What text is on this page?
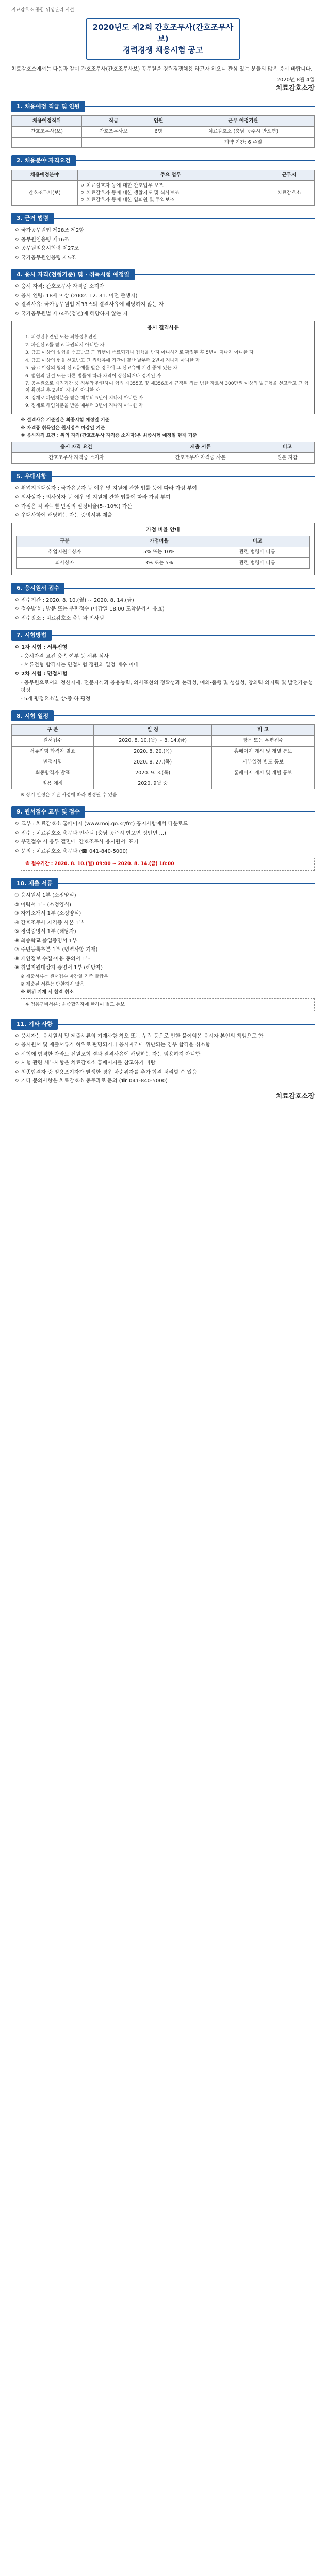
지료감호소 종합 위생관리 시설
2020년도 제2회 간호조무사(간호조무사보)
경력경쟁 채용시험 공고

치료감호소에서는 다음과 같이 간호조무사(간호조무사보) 공무원을 경력경쟁채용 하고자 하오니 관심 있는 분들의 많은 응시 바랍니다.

2020년 8월 4일
치료감호소장
1. 채용예정 직급 및 인원
채용예정직위	직급	인원	근무 예정기관
간호조무사(보)	간호조무사보	6명	치료감호소 (충남 공주시 반포면)
			계약 기간: 6 주일
2. 채용분야 자격요건
채용예정분야	주요 업무	근무지
간호조무사(보)	ㅇ 치료감호자 등에 대한 간호업무 보조
ㅇ 치료감호자 등에 대한 생활지도 및 식사보조
ㅇ 치료감호자 등에 대한 입퇴원 및 투약보조	치료감호소
3. 근거 법령

ㅇ 국가공무원법 제28조 제2항

ㅇ 공무원임용령 제16조

ㅇ 공무원임용시험령 제27조

ㅇ 국가공무원임용령 제5조

4. 응시 자격(전형기준) 및 · 취득시험 예정일

ㅇ 응시 자격: 간호조무사 자격증 소지자

ㅇ 응시 연령: 18세 이상 (2002. 12. 31. 이전 출생자)

ㅇ 결격사유: 국가공무원법 제33조의 결격사유에 해당하지 않는 자

ㅇ 국가공무원법 제74조(정년)에 해당하지 않는 자

응시 결격사유

1. 피성년후견인 또는 피한정후견인

2. 파산선고를 받고 복권되지 아니한 자

3. 금고 이상의 실형을 선고받고 그 집행이 종료되거나 집행을 받지 아니하기로 확정된 후 5년이 지나지 아니한 자

4. 금고 이상의 형을 선고받고 그 집행유예 기간이 끝난 날부터 2년이 지나지 아니한 자

5. 금고 이상의 형의 선고유예를 받은 경우에 그 선고유예 기간 중에 있는 자

6. 법원의 판결 또는 다른 법률에 따라 자격이 상실되거나 정지된 자

7. 공무원으로 재직기간 중 직무와 관련하여 형법 제355조 및 제356조에 규정된 죄를 범한 자로서 300만원 이상의 벌금형을 선고받고 그 형이 확정된 후 2년이 지나지 아니한 자

8. 징계로 파면처분을 받은 때부터 5년이 지나지 아니한 자

9. 징계로 해임처분을 받은 때부터 3년이 지나지 아니한 자

※ 결격사유 기준일은 최종시험 예정일 기준

※ 자격증 취득일은 원서접수 마감일 기준

※ 응시자격 요건 : 위의 자격(간호조무사 자격증 소지자)은 최종시험 예정일 현재 기준

응시 자격 요건	제출 서류	비고
간호조무사 자격증 소지자	간호조무사 자격증 사본	원본 지참
5. 우대사항

ㅇ 취업지원대상자 : 국가유공자 등 예우 및 지원에 관한 법률 등에 따라 가점 부여

ㅇ 의사상자 : 의사상자 등 예우 및 지원에 관한 법률에 따라 가점 부여

ㅇ 가점은 각 과목별 만점의 일정비율(5~10%) 가산

ㅇ 우대사항에 해당하는 자는 증빙서류 제출

가점 비율 안내
구분	가점비율	비고
취업지원대상자	5% 또는 10%	관련 법령에 따름
의사상자	3% 또는 5%	관련 법령에 따름
6. 응시원서 접수

ㅇ 접수기간 : 2020. 8. 10.(월) ~ 2020. 8. 14.(금)

ㅇ 접수방법 : 방문 또는 우편접수 (마감일 18:00 도착분까지 유효)

ㅇ 접수장소 : 치료감호소 총무과 인사팀

7. 시험방법

ㅇ 1차 시험 : 서류전형

- 응시자격 요건 충족 여부 등 서류 심사

- 서류전형 합격자는 면접시험 정원의 일정 배수 이내

ㅇ 2차 시험 : 면접시험

- 공무원으로서의 정신자세, 전문지식과 응용능력, 의사표현의 정확성과 논리성, 예의·품행 및 성실성, 창의력·의지력 및 발전가능성 평정

- 5개 평정요소별 상·중·하 평정

8. 시험 일정
구 분	일 정	비 고
원서접수	2020. 8. 10.(월) ~ 8. 14.(금)	방문 또는 우편접수
서류전형 합격자 발표	2020. 8. 20.(목)	홈페이지 게시 및 개별 통보
면접시험	2020. 8. 27.(목)	세부일정 별도 통보
최종합격자 발표	2020. 9. 3.(목)	홈페이지 게시 및 개별 통보
임용 예정	2020. 9월 중	

※ 상기 일정은 기관 사정에 따라 변경될 수 있음

9. 원서접수 교부 및 접수

ㅇ 교부 : 치료감호소 홈페이지 (www.moj.go.kr/frc) 공지사항에서 다운로드

ㅇ 접수 : 치료감호소 총무과 인사팀 (충남 공주시 반포면 정안면 ...)

ㅇ 우편접수 시 봉투 겉면에 '간호조무사 응시원서' 표기

ㅇ 문의 : 치료감호소 총무과 (☎ 041-840-5000)

※ 접수기간 : 2020. 8. 10.(월) 09:00 ~ 2020. 8. 14.(금) 18:00
10. 제출 서류

① 응시원서 1부 (소정양식)

② 이력서 1부 (소정양식)

③ 자기소개서 1부 (소정양식)

④ 간호조무사 자격증 사본 1부

⑤ 경력증명서 1부 (해당자)

⑥ 최종학교 졸업증명서 1부

⑦ 주민등록초본 1부 (병역사항 기재)

⑧ 개인정보 수집·이용 동의서 1부

⑨ 취업지원대상자 증명서 1부 (해당자)

※ 제출서류는 원서접수 마감일 기준 발급분

※ 제출된 서류는 반환하지 않음

※ 허위 기재 시 합격 취소

※ 임용구비서류 : 최종합격자에 한하여 별도 통보
11. 기타 사항

ㅇ 응시자는 응시원서 및 제출서류의 기재사항 착오 또는 누락 등으로 인한 불이익은 응시자 본인의 책임으로 함

ㅇ 응시원서 및 제출서류가 허위로 판명되거나 응시자격에 위반되는 경우 합격을 취소함

ㅇ 시험에 합격한 자라도 신원조회 결과 결격사유에 해당하는 자는 임용하지 아니함

ㅇ 시험 관련 세부사항은 치료감호소 홈페이지를 참고하기 바람

ㅇ 최종합격자 중 임용포기자가 발생한 경우 차순위자를 추가 합격 처리할 수 있음

ㅇ 기타 문의사항은 치료감호소 총무과로 문의 (☎ 041-840-5000)

치료감호소장
